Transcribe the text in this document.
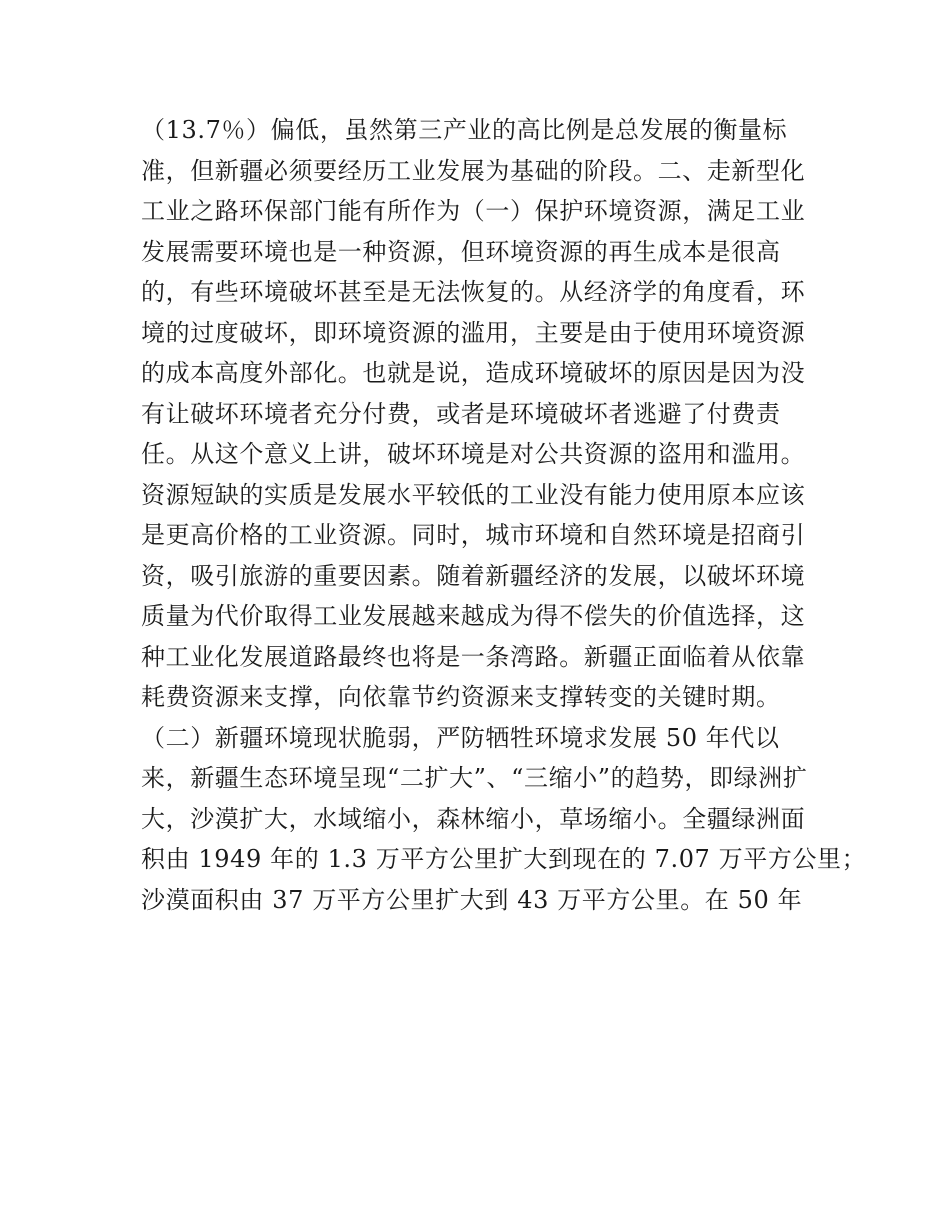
（13.7％）偏低，虽然第三产业的高比例是总发展的衡量标
准，但新疆必须要经历工业发展为基础的阶段。二、走新型化
工业之路环保部门能有所作为（一）保护环境资源，满足工业
发展需要环境也是一种资源，但环境资源的再生成本是很高
的，有些环境破坏甚至是无法恢复的。从经济学的角度看，环
境的过度破坏，即环境资源的滥用，主要是由于使用环境资源
的成本高度外部化。也就是说，造成环境破坏的原因是因为没
有让破坏环境者充分付费，或者是环境破坏者逃避了付费责
任。从这个意义上讲，破坏环境是对公共资源的盗用和滥用。
资源短缺的实质是发展水平较低的工业没有能力使用原本应该
是更高价格的工业资源。同时，城市环境和自然环境是招商引
资，吸引旅游的重要因素。随着新疆经济的发展，以破坏环境
质量为代价取得工业发展越来越成为得不偿失的价值选择，这
种工业化发展道路最终也将是一条湾路。新疆正面临着从依靠
耗费资源来支撑，向依靠节约资源来支撑转变的关键时期。
（二）新疆环境现状脆弱，严防牺牲环境求发展 50 年代以
来，新疆生态环境呈现“二扩大”、“三缩小”的趋势，即绿洲扩
大，沙漠扩大，水域缩小，森林缩小，草场缩小。全疆绿洲面
积由 1949 年的 1.3 万平方公里扩大到现在的 7.07 万平方公里；
沙漠面积由 37 万平方公里扩大到 43 万平方公里。在 50 年
